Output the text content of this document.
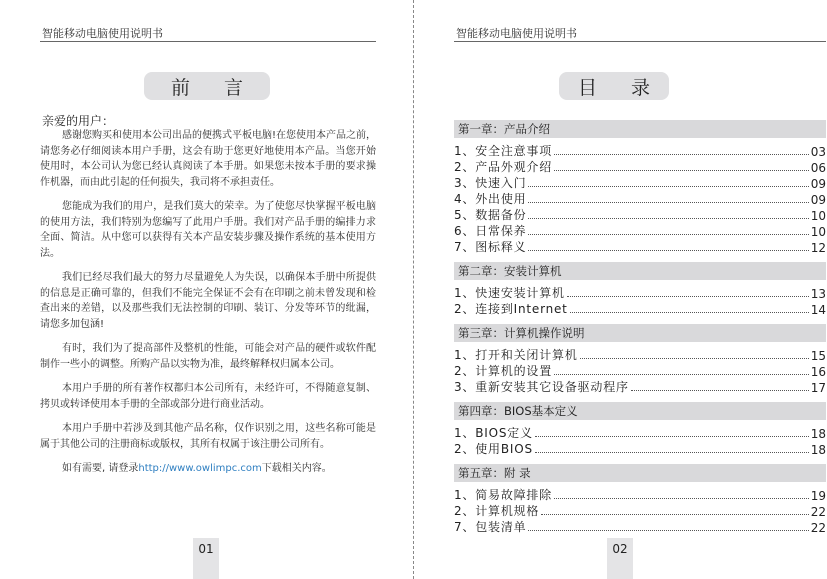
智能移动电脑使用说明书
前 言
亲爱的用户：

感谢您购买和使用本公司出品的便携式平板电脑!在您使用本产品之前，请您务必仔细阅读本用户手册，这会有助于您更好地使用本产品。当您开始使用时，本公司认为您已经认真阅读了本手册。如果您未按本手册的要求操作机器，而由此引起的任何损失，我司将不承担责任。

您能成为我们的用户，是我们莫大的荣幸。为了使您尽快掌握平板电脑的使用方法，我们特别为您编写了此用户手册。我们对产品手册的编排力求全面、简洁。从中您可以获得有关本产品安装步骤及操作系统的基本使用方法。

我们已经尽我们最大的努力尽量避免人为失误，以确保本手册中所提供的信息是正确可靠的，但我们不能完全保证不会有在印刷之前未曾发现和检查出来的差错，以及那些我们无法控制的印刷、装订、分发等环节的纰漏，请您多加包涵!

有时，我们为了提高部件及整机的性能，可能会对产品的硬件或软件配制作一些小的调整。所购产品以实物为准，最终解释权归属本公司。

本用户手册的所有著作权都归本公司所有，未经许可，不得随意复制、拷贝或转译使用本手册的全部或部分进行商业活动。

本用户手册中若涉及到其他产品名称，仅作识别之用，这些名称可能是属于其他公司的注册商标或版权，其所有权属于该注册公司所有。

如有需要, 请登录http://www.owlimpc.com下载相关内容。

01
智能移动电脑使用说明书
目 录
第一章：产品介绍
1、安全注意事项	03
2、产品外观介绍	06
3、快速入门	09
4、外出使用	09
5、数据备份	10
6、日常保养	10
7、图标释义	12
第二章：安装计算机
1、快速安装计算机	13
2、连接到Internet	14
第三章：计算机操作说明
1、打开和关闭计算机	15
2、计算机的设置	16
3、重新安装其它设备驱动程序	17
第四章：BIOS基本定义
1、BIOS定义	18
2、使用BIOS	18
第五章：附 录
1、简易故障排除	19
2、计算机规格	22
7、包装清单	22
02
